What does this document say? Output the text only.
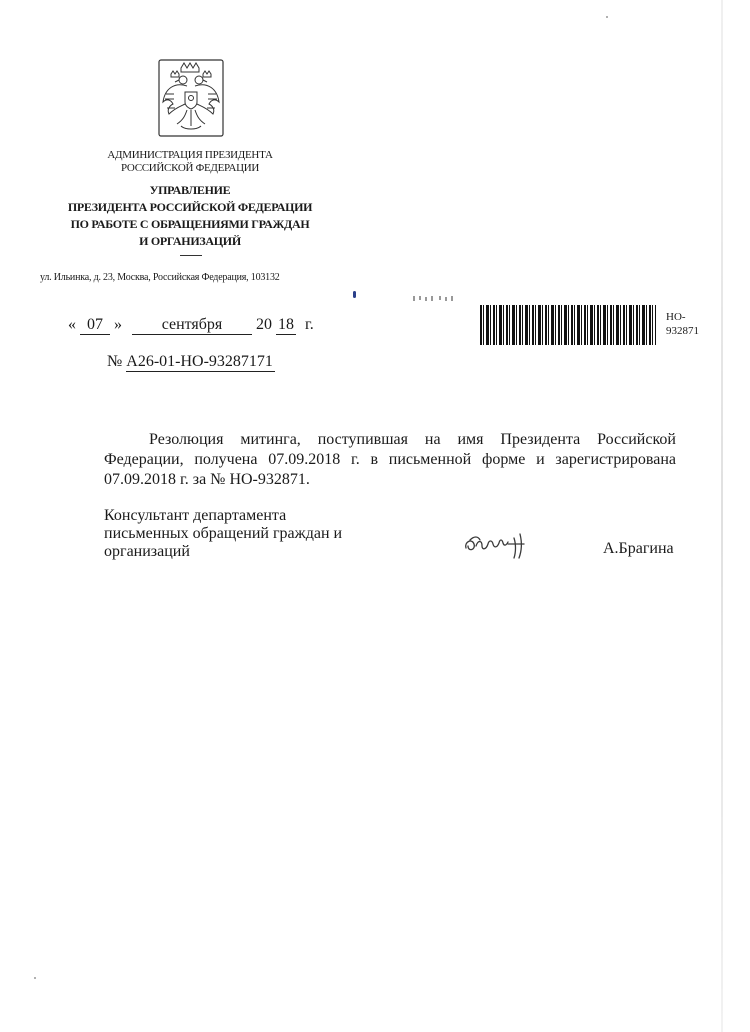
АДМИНИСТРАЦИЯ ПРЕЗИДЕНТА
РОССИЙСКОЙ ФЕДЕРАЦИИ
УПРАВЛЕНИЕ
ПРЕЗИДЕНТА РОССИЙСКОЙ ФЕДЕРАЦИИ
ПО РАБОТЕ С ОБРАЩЕНИЯМИ ГРАЖДАН
И ОРГАНИЗАЦИЙ
ул. Ильинка, д. 23, Москва, Российская Федерация, 103132
« 07 » сентября 20 18 г.
№ А26-01-НО-93287171
НО-
932871
Резолюция митинга, поступившая на имя Президента Российской Федерации, получена 07.09.2018 г. в письменной форме и зарегистрирована 07.09.2018 г. за № НО-932871.
Консультант департамента
письменных обращений граждан и
организаций	А.Брагина
